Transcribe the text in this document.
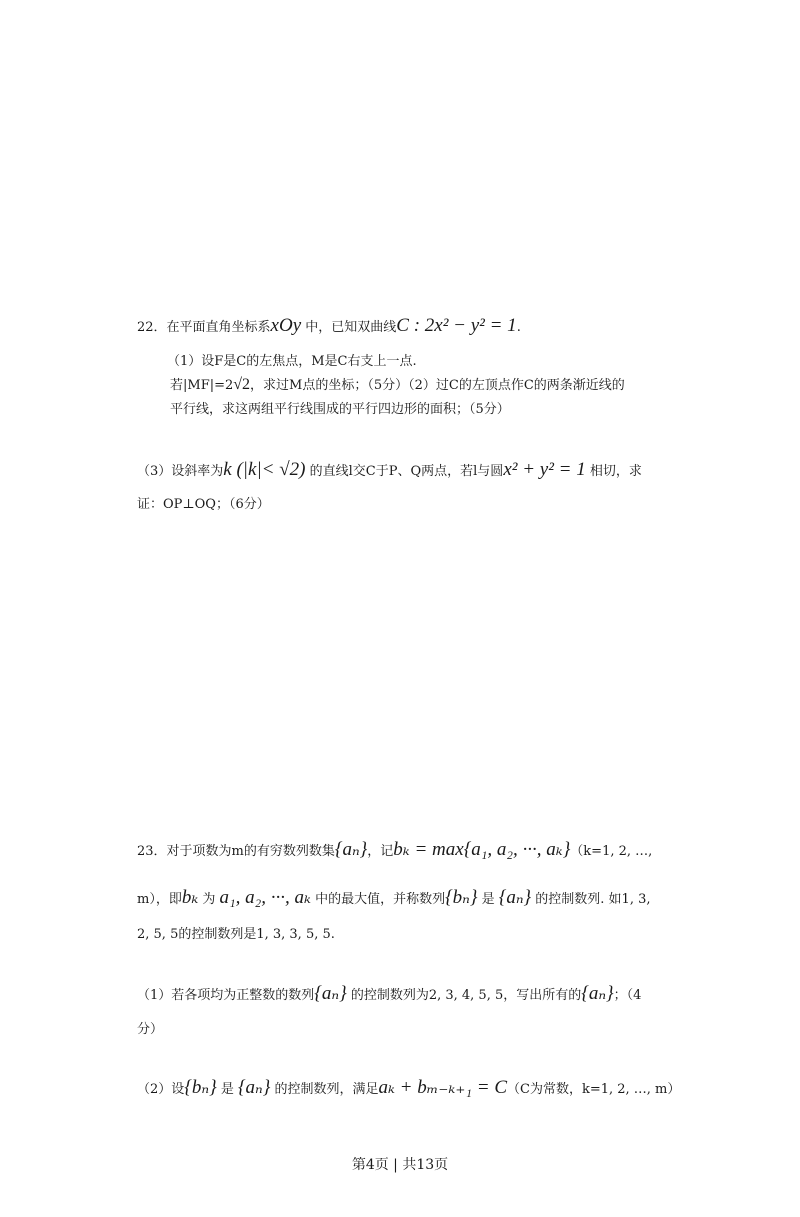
22．在平面直角坐标系xOy 中，已知双曲线C : 2x² − y² = 1.
（1）设F是C的左焦点，M是C右支上一点.
若|MF|=2√2，求过M点的坐标；（5分）（2）过C的左顶点作C的两条渐近线的
平行线，求这两组平行线围成的平行四边形的面积；（5分）
（3）设斜率为k (|k|< √2) 的直线l交C于P、Q两点，若l与圆x² + y² = 1 相切，求
证：OP⊥OQ；（6分）
23．对于项数为m的有穷数列数集{aₙ}，记bₖ = max{a₁, a₂, ···, aₖ}（k=1, 2, …,
m），即bₖ 为 a₁, a₂, ···, aₖ 中的最大值，并称数列{bₙ} 是 {aₙ} 的控制数列. 如1, 3,
2, 5, 5的控制数列是1, 3, 3, 5, 5.
（1）若各项均为正整数的数列{aₙ} 的控制数列为2, 3, 4, 5, 5，写出所有的{aₙ}；（4
分）
（2）设{bₙ} 是 {aₙ} 的控制数列，满足aₖ + bₘ₋ₖ₊₁ = C（C为常数，k=1, 2, …, m）
第4页 | 共13页
